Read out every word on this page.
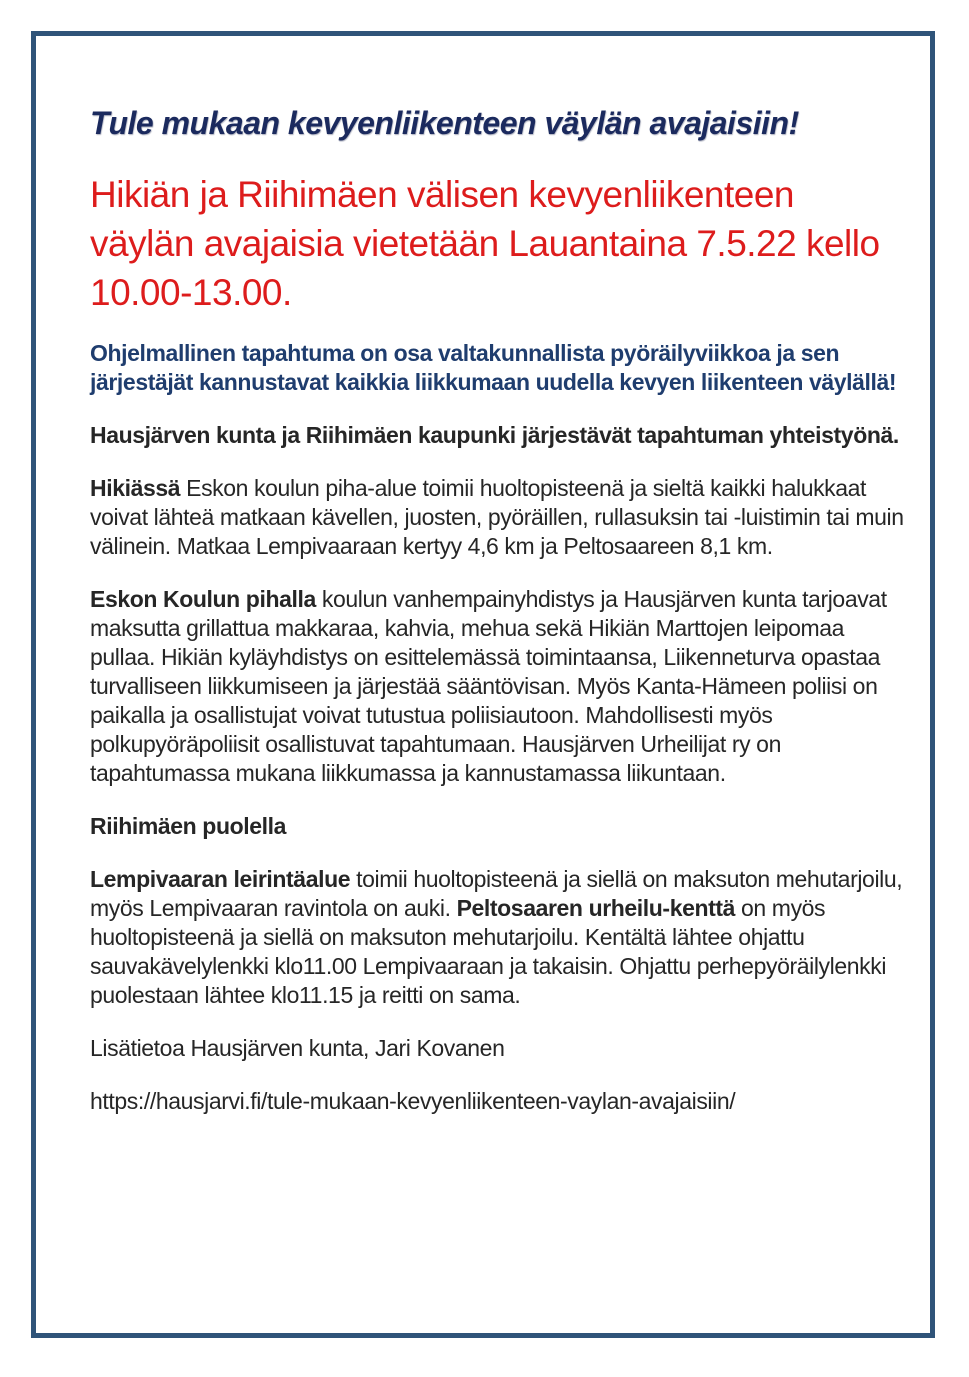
Tule mukaan kevyenliikenteen väylän avajaisiin!
Hikiän ja Riihimäen välisen kevyenliikenteen väylän avajaisia vietetään Lauantaina 7.5.22 kello 10.00-13.00.

Ohjelmallinen tapahtuma on osa valtakunnallista pyöräilyviikkoa ja sen järjestäjät kannustavat kaikkia liikkumaan uudella kevyen liikenteen väylällä!

Hausjärven kunta ja Riihimäen kaupunki järjestävät tapahtuman yhteistyönä.

Hikiässä Eskon koulun piha-alue toimii huoltopisteenä ja sieltä kaikki halukkaat voivat lähteä matkaan kävellen, juosten, pyöräillen, rullasuksin tai -luistimin tai muin välinein. Matkaa Lempivaaraan kertyy 4,6 km ja Peltosaareen 8,1 km.

Eskon Koulun pihalla koulun vanhempainyhdistys ja Hausjärven kunta tarjoavat maksutta grillattua makkaraa, kahvia, mehua sekä Hikiän Marttojen leipomaa pullaa. Hikiän kyläyhdistys on esittelemässä toimintaansa, Liikenneturva opastaa turvalliseen liikkumiseen ja järjestää sääntövisan. Myös Kanta-Hämeen poliisi on paikalla ja osallistujat voivat tutustua poliisiautoon. Mahdollisesti myös polkupyöräpoliisit osallistuvat tapahtumaan. Hausjärven Urheilijat ry on tapahtumassa mukana liikkumassa ja kannustamassa liikuntaan.

Riihimäen puolella

Lempivaaran leirintäalue toimii huoltopisteenä ja siellä on maksuton mehutarjoilu, myös Lempivaaran ravintola on auki. Peltosaaren urheilu-kenttä on myös huoltopisteenä ja siellä on maksuton mehutarjoilu. Kentältä lähtee ohjattu sauvakävelylenkki klo11.00 Lempivaaraan ja takaisin. Ohjattu perhepyöräilylenkki puolestaan lähtee klo11.15 ja reitti on sama.

Lisätietoa Hausjärven kunta, Jari Kovanen

https://hausjarvi.fi/tule-mukaan-kevyenliikenteen-vaylan-avajaisiin/
